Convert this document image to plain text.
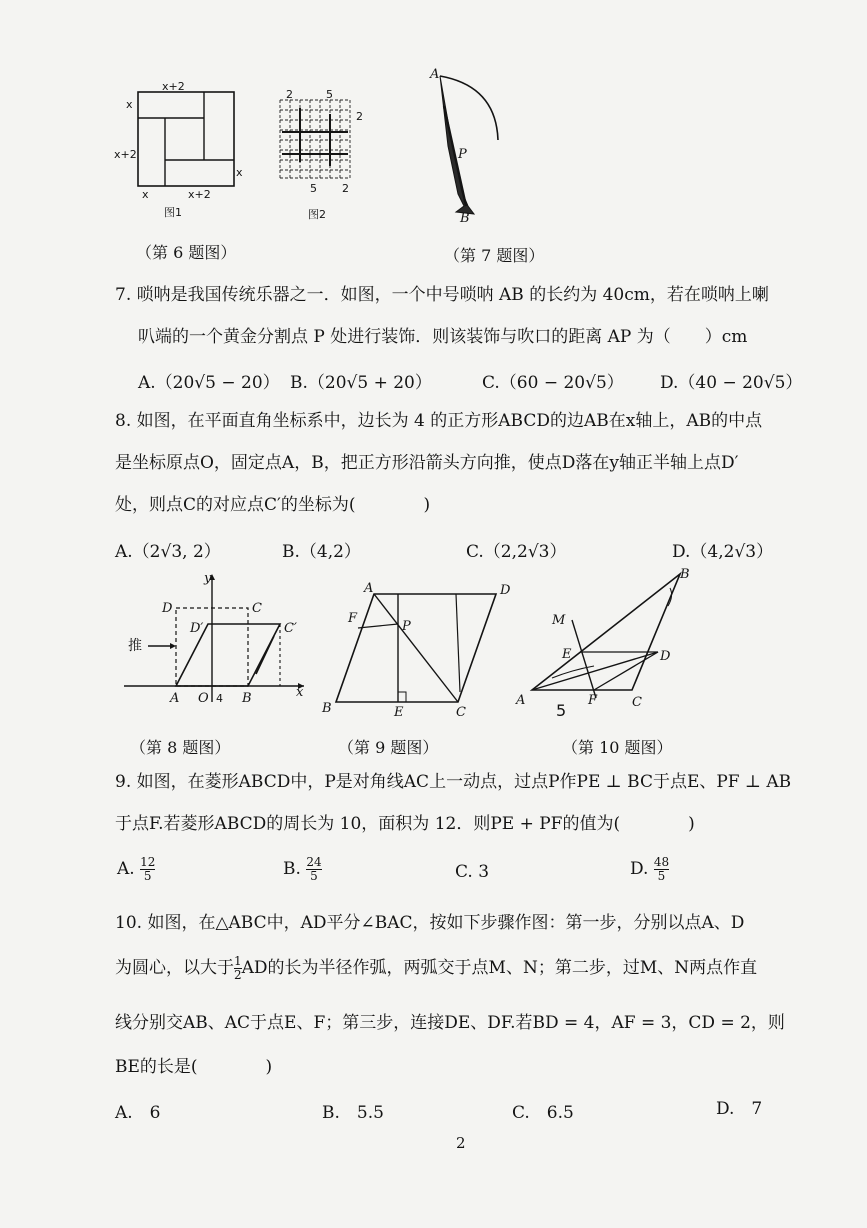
x+2
x
x+2
x	x+2
x
图1
2	5
2
5 2
图2
A
P
B
（第 6 题图）	（第 7 题图）
7. 唢呐是我国传统乐器之一．如图，一个中号唢呐 AB 的长约为 40cm，若在唢呐上喇
叭端的一个黄金分割点 P 处进行装饰．则该装饰与吹口的距离 AP 为（　　）cm
A.（20√5 − 20） B.（20√5 + 20）	C.（60 − 20√5） D.（40 − 20√5）
8. 如图，在平面直角坐标系中，边长为 4 的正方形ABCD的边AB在x轴上，AB的中点
是坐标原点O，固定点A，B，把正方形沿箭头方向推，使点D落在y轴正半轴上点D′
处，则点C的对应点C′的坐标为(　　　　)
A.（2√3, 2）	B.（4,2）	C.（2,2√3）	D.（4,2√3）
推
y
D	C
D′	C′
A O 4 B	x
A	D
F
P
B	E	C
B
M
E	D
A	F	C
5
（第 8 题图）	（第 9 题图）	（第 10 题图）
9. 如图，在菱形ABCD中，P是对角线AC上一动点，过点P作PE ⊥ BC于点E、PF ⊥ AB
于点F.若菱形ABCD的周长为 10，面积为 12．则PE + PF的值为(　　　　)
A. $\frac{12}{5}$	B. $\frac{24}{5}$	C. 3	D. $\frac{48}{5}$
10. 如图，在△ABC中，AD平分∠BAC，按如下步骤作图：第一步，分别以点A、D
为圆心，以大于 $\frac{1}{2}$ AD的长为半径作弧，两弧交于点M、N；第二步，过M、N两点作直
线分别交AB、AC于点E、F；第三步，连接DE、DF.若BD = 4，AF = 3，CD = 2，则
BE的长是(　　　　)
A.　6	B.　5.5	C.　6.5	D.　7
2
